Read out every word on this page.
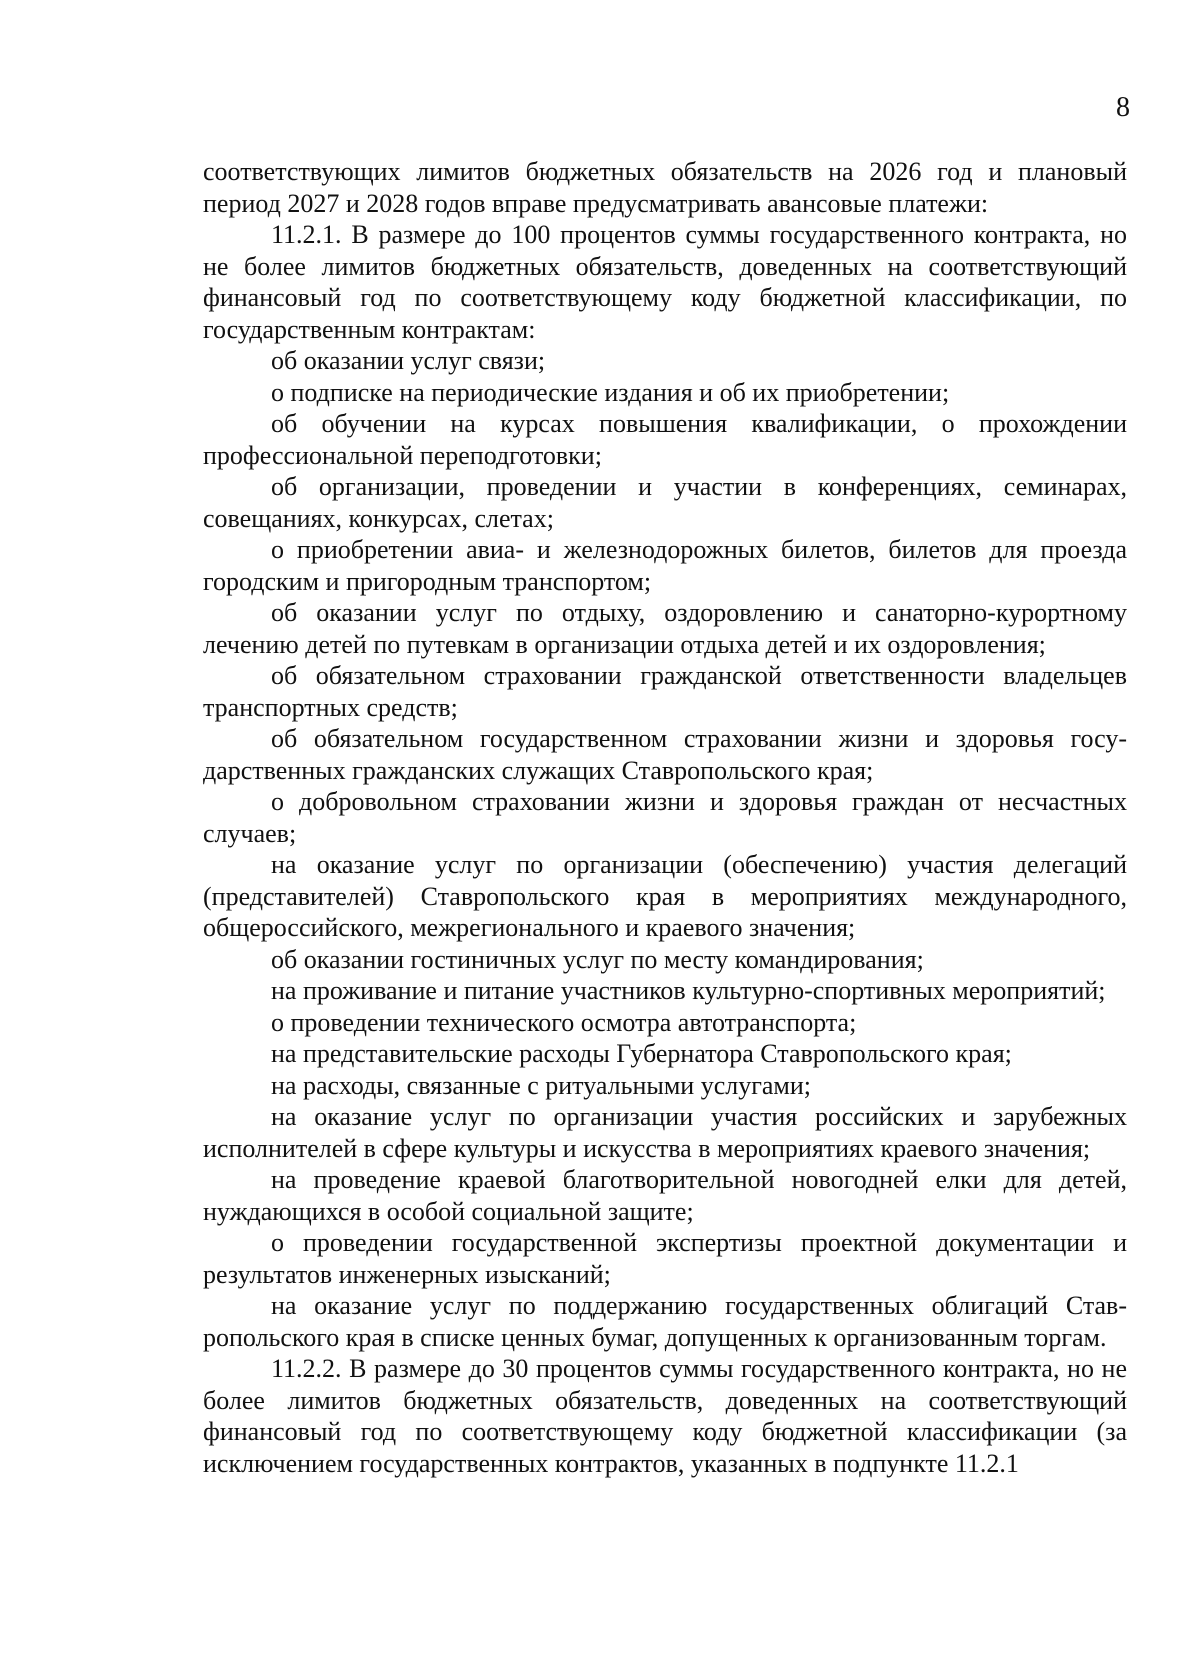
8

соответствующих лимитов бюджетных обязательств на 2026 год и плановый период 2027 и 2028 годов вправе предусматривать авансовые платежи:

11.2.1. В размере до 100 процентов суммы государственного контракта, но не более лимитов бюджетных обязательств, доведенных на соответствующий финансовый год по соответствующему коду бюджетной классификации, по государственным контрактам:

об оказании услуг связи;

о подписке на периодические издания и об их приобретении;

об обучении на курсах повышения квалификации, о прохождении профессиональной переподготовки;

об организации, проведении и участии в конференциях, семинарах, совещаниях, конкурсах, слетах;

о приобретении авиа- и железнодорожных билетов, билетов для проезда городским и пригородным транспортом;

об оказании услуг по отдыху, оздоровлению и санаторно-курортному лечению детей по путевкам в организации отдыха детей и их оздоровления;

об обязательном страховании гражданской ответственности владельцев транспортных средств;

об обязательном государственном страховании жизни и здоровья государственных гражданских служащих Ставропольского края;

о добровольном страховании жизни и здоровья граждан от несчастных случаев;

на оказание услуг по организации (обеспечению) участия делегаций (представителей) Ставропольского края в мероприятиях международного, общероссийского, межрегионального и краевого значения;

об оказании гостиничных услуг по месту командирования;

на проживание и питание участников культурно-спортивных мероприятий;

о проведении технического осмотра автотранспорта;

на представительские расходы Губернатора Ставропольского края;

на расходы, связанные с ритуальными услугами;

на оказание услуг по организации участия российских и зарубежных исполнителей в сфере культуры и искусства в мероприятиях краевого значения;

на проведение краевой благотворительной новогодней елки для детей, нуждающихся в особой социальной защите;

о проведении государственной экспертизы проектной документации и результатов инженерных изысканий;

на оказание услуг по поддержанию государственных облигаций Ставропольского края в списке ценных бумаг, допущенных к организованным торгам.

11.2.2. В размере до 30 процентов суммы государственного контракта, но не более лимитов бюджетных обязательств, доведенных на соответствующий финансовый год по соответствующему коду бюджетной классификации (за исключением государственных контрактов, указанных в подпункте 11.2.1
